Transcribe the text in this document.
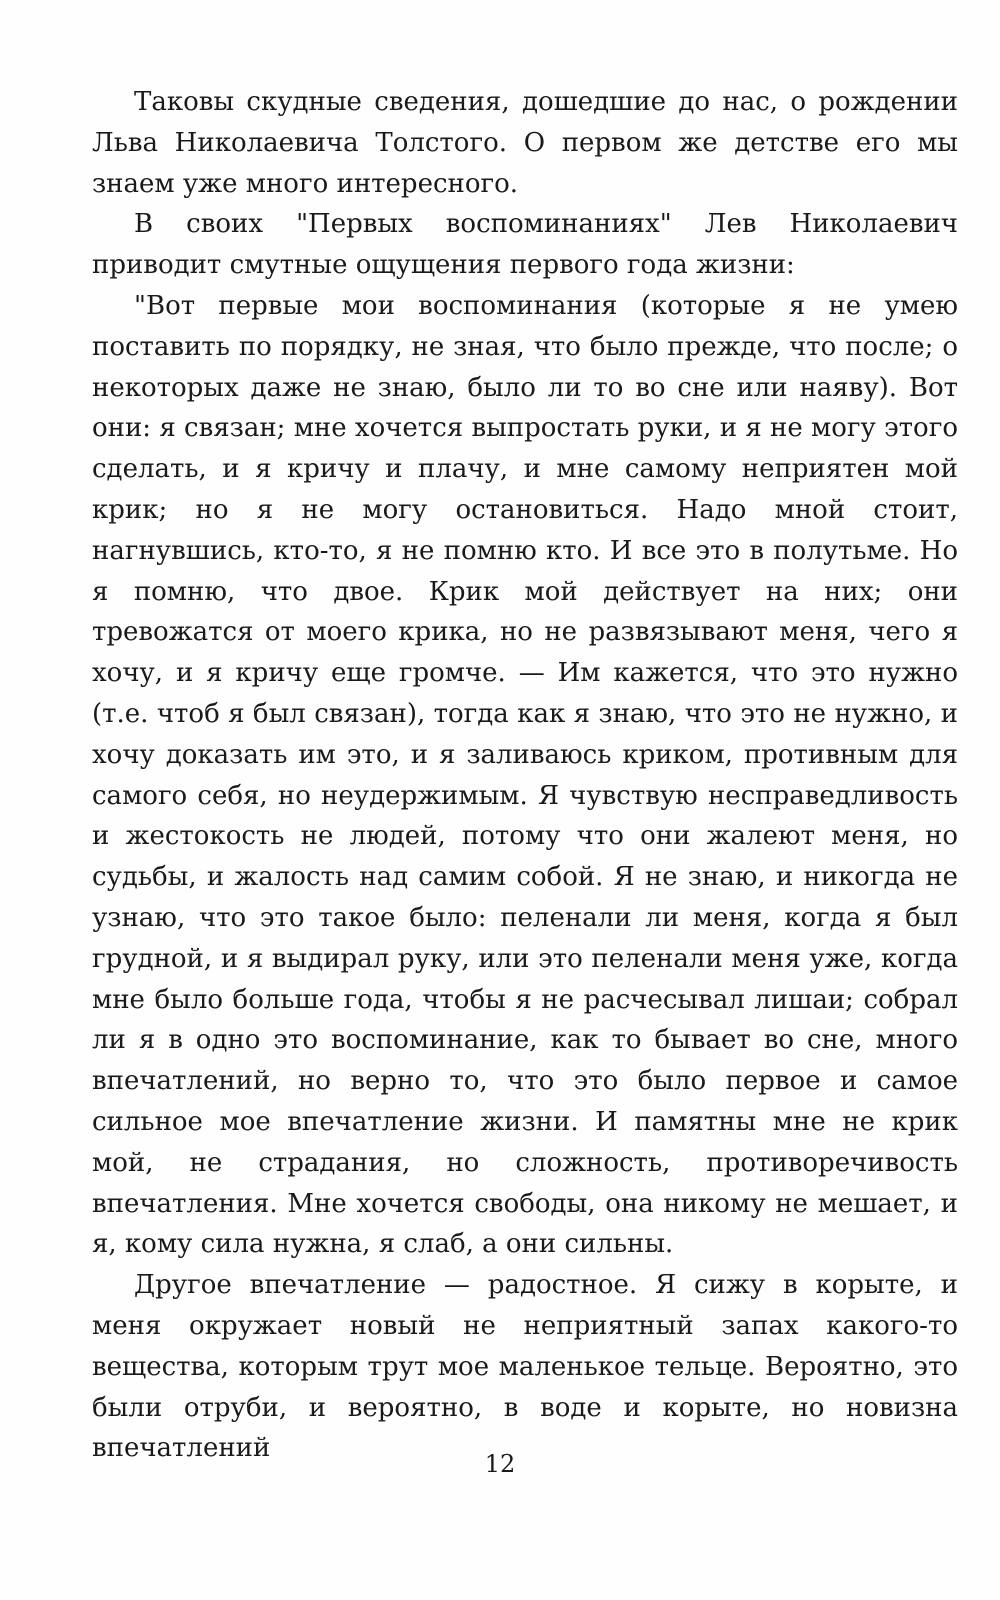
Таковы скудные сведения, дошедшие до нас, о рождении Льва Николаевича Толстого. О первом же детстве его мы знаем уже много интересного.

В своих "Первых воспоминаниях" Лев Николаевич приводит смутные ощущения первого года жизни:

"Вот первые мои воспоминания (которые я не умею поставить по порядку, не зная, что было прежде, что после; о некоторых даже не знаю, было ли то во сне или наяву). Вот они: я связан; мне хочется выпростать руки, и я не могу этого сделать, и я кричу и плачу, и мне самому неприятен мой крик; но я не могу остановиться. Надо мной стоит, нагнувшись, кто-то, я не помню кто. И все это в полутьме. Но я помню, что двое. Крик мой действует на них; они тревожатся от моего крика, но не развязывают меня, чего я хочу, и я кричу еще громче. — Им кажется, что это нужно (т.е. чтоб я был связан), тогда как я знаю, что это не нужно, и хочу доказать им это, и я заливаюсь криком, противным для самого себя, но неудержимым. Я чувствую несправедливость и жестокость не людей, потому что они жалеют меня, но судьбы, и жалость над самим собой. Я не знаю, и никогда не узнаю, что это такое было: пеленали ли меня, когда я был грудной, и я выдирал руку, или это пеленали меня уже, когда мне было больше года, чтобы я не расчесывал лишаи; собрал ли я в одно это воспоминание, как то бывает во сне, много впечатлений, но верно то, что это было первое и самое сильное мое впечатление жизни. И памятны мне не крик мой, не страдания, но сложность, противоречивость впечатления. Мне хочется свободы, она никому не мешает, и я, кому сила нужна, я слаб, а они сильны.

Другое впечатление — радостное. Я сижу в корыте, и меня окружает новый не неприятный запах какого-то вещества, которым трут мое маленькое тельце. Вероятно, это были отруби, и вероятно, в воде и корыте, но новизна впечатлений

12
